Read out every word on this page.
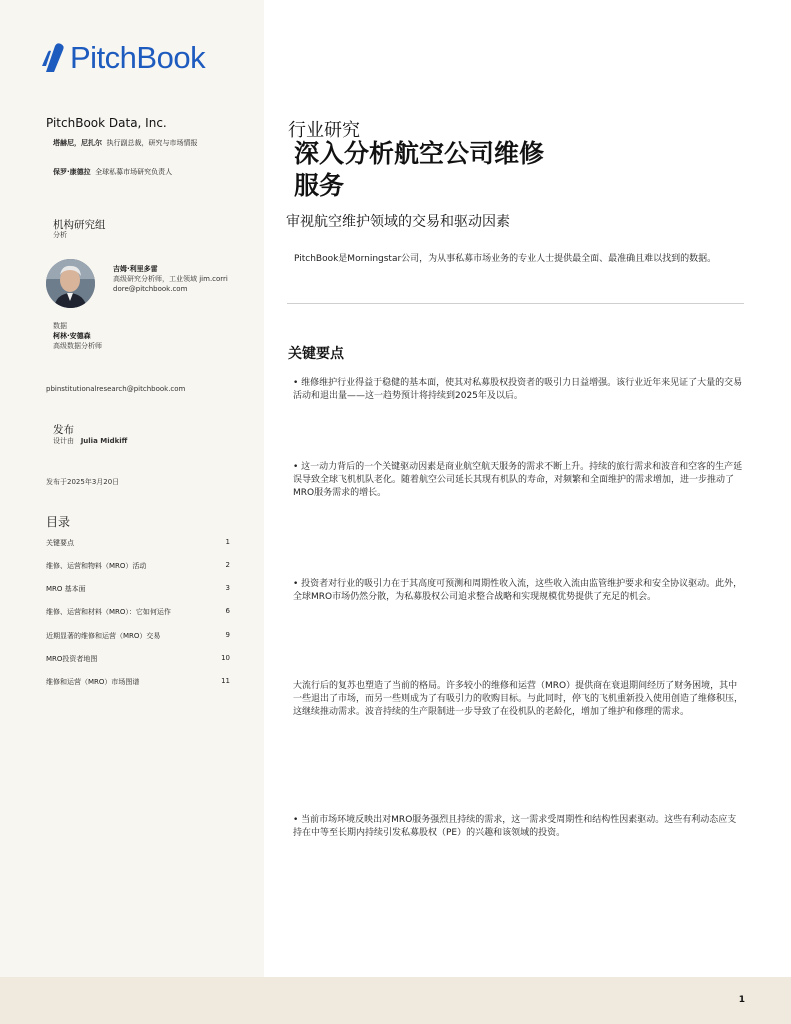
PitchBook
PitchBook Data, Inc.
塔赫尼，尼扎尔 执行副总裁，研究与市场情报
保罗·康德拉 全球私募市场研究负责人
机构研究组
分析
吉姆·利里多雷
高级研究分析师，工业领域 jim.corri
dore@pitchbook.com
数据
柯林·安德森
高级数据分析师
pbinstitutionalresearch@pitchbook.com
发布
设计由 Julia Midkiff
发布于2025年3月20日
目录
关键要点	1
维修、运营和物料（MRO）活动	2
MRO 基本面	3
维修、运营和材料（MRO）：它如何运作	6
近期显著的维修和运营（MRO）交易	9
MRO投资者地图	10
维修和运营（MRO）市场图谱	11
行业研究
深入分析航空公司维修
服务
审视航空维护领域的交易和驱动因素
PitchBook是Morningstar公司，为从事私募市场业务的专业人士提供最全面、最准确且难以找到的数据。
关键要点
• 维修维护行业得益于稳健的基本面，使其对私募股权投资者的吸引力日益增强。该行业近年来见证了大量的交易活动和退出量——这一趋势预计将持续到2025年及以后。
• 这一动力背后的一个关键驱动因素是商业航空航天服务的需求不断上升。持续的旅行需求和波音和空客的生产延误导致全球飞机机队老化。随着航空公司延长其现有机队的寿命，对频繁和全面维护的需求增加，进一步推动了MRO服务需求的增长。
• 投资者对行业的吸引力在于其高度可预测和周期性收入流，这些收入流由监管维护要求和安全协议驱动。此外，全球MRO市场仍然分散，为私募股权公司追求整合战略和实现规模优势提供了充足的机会。
大流行后的复苏也塑造了当前的格局。许多较小的维修和运营（MRO）提供商在衰退期间经历了财务困境，其中一些退出了市场，而另一些则成为了有吸引力的收购目标。与此同时，停飞的飞机重新投入使用创造了维修积压，这继续推动需求。波音持续的生产限制进一步导致了在役机队的老龄化，增加了维护和修理的需求。
• 当前市场环境反映出对MRO服务强烈且持续的需求，这一需求受周期性和结构性因素驱动。这些有利动态应支持在中等至长期内持续引发私募股权（PE）的兴趣和该领域的投资。
1
